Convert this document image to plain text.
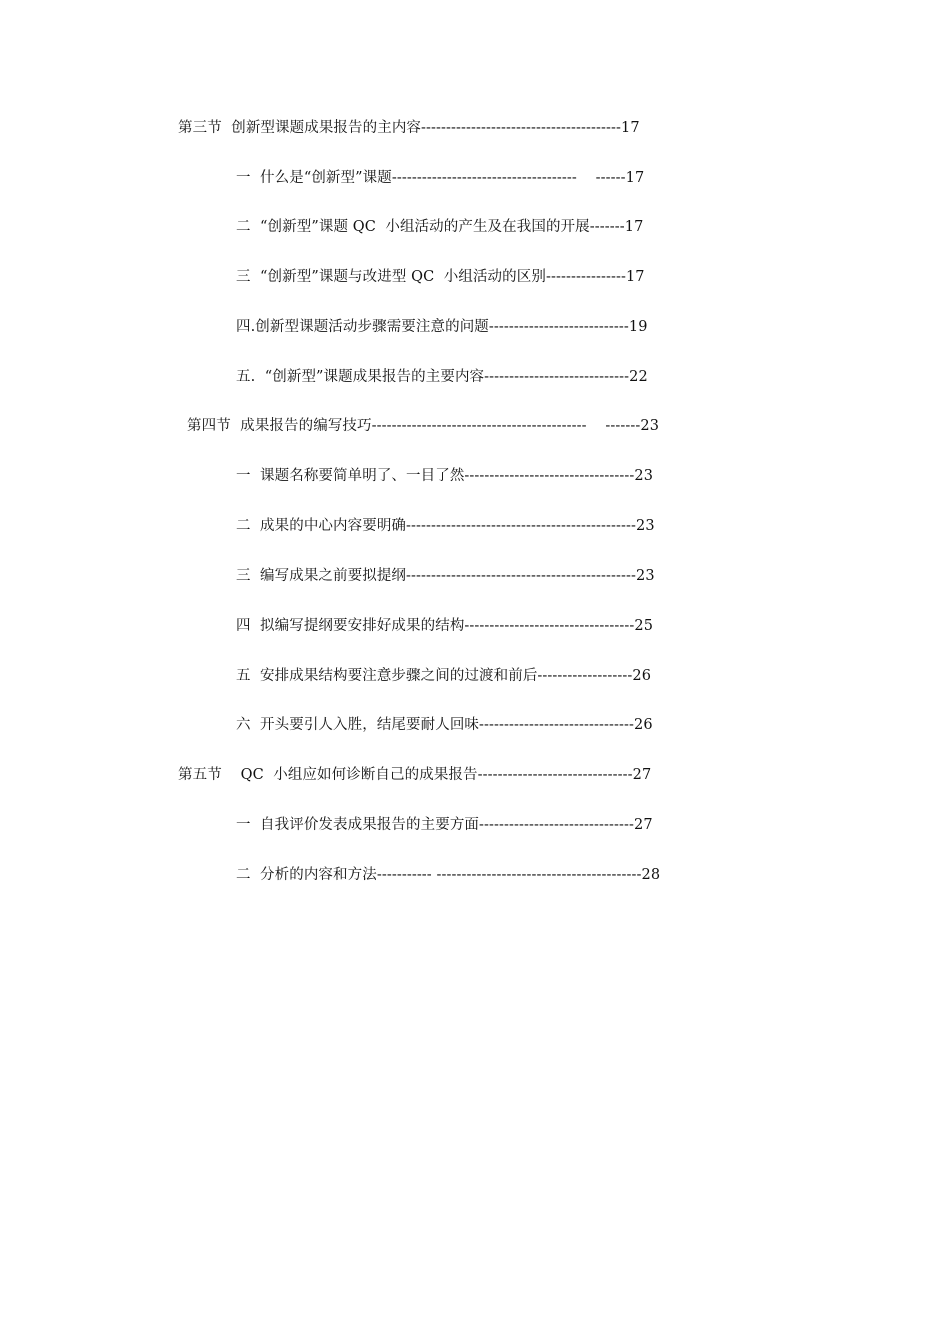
第三节  创新型课题成果报告的主内容----------------------------------------17
一  什么是“创新型”课题-------------------------------------    ------17
二  “创新型”课题 QC  小组活动的产生及在我国的开展-------17
三  “创新型”课题与改进型 QC  小组活动的区别----------------17
四.创新型课题活动步骤需要注意的问题----------------------------19
五.  “创新型”课题成果报告的主要内容-----------------------------22
第四节  成果报告的编写技巧-------------------------------------------    -------23
一  课题名称要简单明了、一目了然----------------------------------23
二  成果的中心内容要明确----------------------------------------------23
三  编写成果之前要拟提纲----------------------------------------------23
四  拟编写提纲要安排好成果的结构----------------------------------25
五  安排成果结构要注意步骤之间的过渡和前后-------------------26
六  开头要引人入胜，结尾要耐人回味-------------------------------26
第五节    QC  小组应如何诊断自己的成果报告-------------------------------27
一  自我评价发表成果报告的主要方面-------------------------------27
二  分析的内容和方法----------- -----------------------------------------28
